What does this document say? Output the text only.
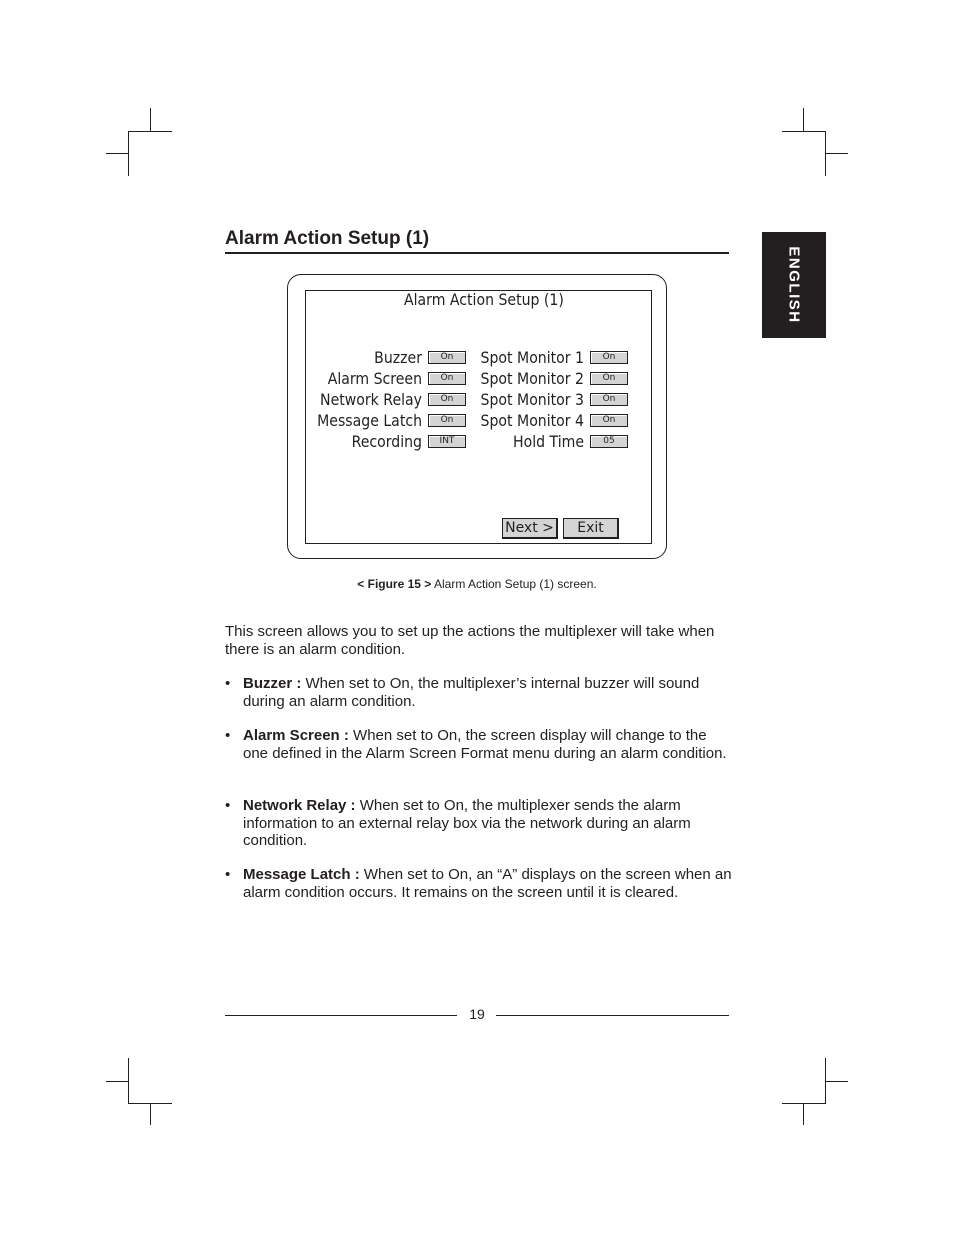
ENGLISH
Alarm Action Setup (1)
Alarm Action Setup (1)
Buzzer	On
Alarm Screen	On
Network Relay	On
Message Latch	On
Recording	INT
Spot Monitor 1	On
Spot Monitor 2	On
Spot Monitor 3	On
Spot Monitor 4	On
Hold Time	05
Next >	Exit
< Figure 15 > Alarm Action Setup (1) screen.
This screen allows you to set up the actions the multiplexer will take when there is an alarm condition.
• Buzzer : When set to On, the multiplexer’s internal buzzer will sound during an alarm condition.
• Alarm Screen : When set to On, the screen display will change to the one defined in the Alarm Screen Format menu during an alarm condition.
• Network Relay : When set to On, the multiplexer sends the alarm information to an external relay box via the network during an alarm condition.
• Message Latch : When set to On, an “A” displays on the screen when an alarm condition occurs. It remains on the screen until it is cleared.
19
